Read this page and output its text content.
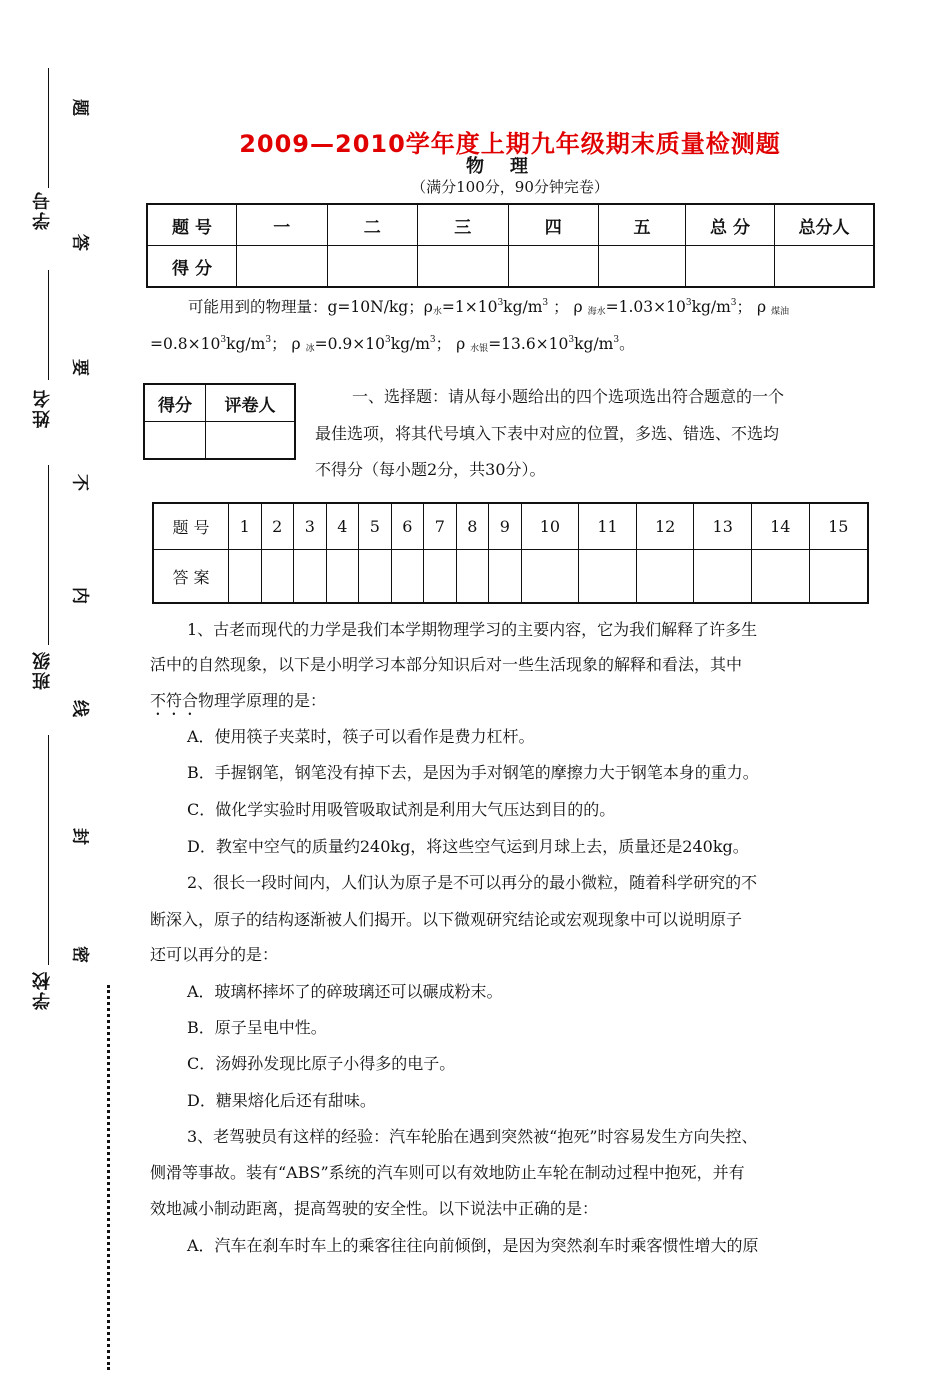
学号
姓名
班级
学校
题
答
要
不
内
线
封
密
2009—2010学年度上期九年级期末质量检测题
物理
（满分100分，90分钟完卷）
题 号	一	二	三	四	五	总 分	总分人
得 分							
可能用到的物理量：g=10N/kg；$\rho_水=1\times 10^3kg/m^3$ ； ρ $_{海水}=1.03\times 10^3kg/m^3$； ρ $_{煤油}$
$=0.8\times 10^3kg/m^3$； ρ $_冰=0.9\times 10^3kg/m^3$； ρ $_{水银}=13.6\times 10^3kg/m^3$。
得分	评卷人
		一、选择题：请从每小题给出的四个选项选出符合题意的一个
最佳选项，将其代号填入下表中对应的位置，多选、错选、不选均
不得分（每小题2分，共30分）。
题 号	1	2	3	4	5	6	7	8	9	10	11	12	13	14	15
答 案															
1、古老而现代的力学是我们本学期物理学习的主要内容，它为我们解释了许多生
活中的自然现象，以下是小明学习本部分知识后对一些生活现象的解释和看法，其中
不符合物理学原理的是：
A．使用筷子夹菜时，筷子可以看作是费力杠杆。
B．手握钢笔，钢笔没有掉下去，是因为手对钢笔的摩擦力大于钢笔本身的重力。
C．做化学实验时用吸管吸取试剂是利用大气压达到目的的。
D．教室中空气的质量约240kg，将这些空气运到月球上去，质量还是240kg。
2、很长一段时间内，人们认为原子是不可以再分的最小微粒，随着科学研究的不
断深入，原子的结构逐渐被人们揭开。以下微观研究结论或宏观现象中可以说明原子
还可以再分的是：
A．玻璃杯摔坏了的碎玻璃还可以碾成粉末。
B．原子呈电中性。
C．汤姆孙发现比原子小得多的电子。
D．糖果熔化后还有甜味。
3、老驾驶员有这样的经验：汽车轮胎在遇到突然被“抱死”时容易发生方向失控、
侧滑等事故。装有“ABS”系统的汽车则可以有效地防止车轮在制动过程中抱死，并有
效地减小制动距离，提高驾驶的安全性。以下说法中正确的是：
A．汽车在刹车时车上的乘客往往向前倾倒，是因为突然刹车时乘客惯性增大的原
